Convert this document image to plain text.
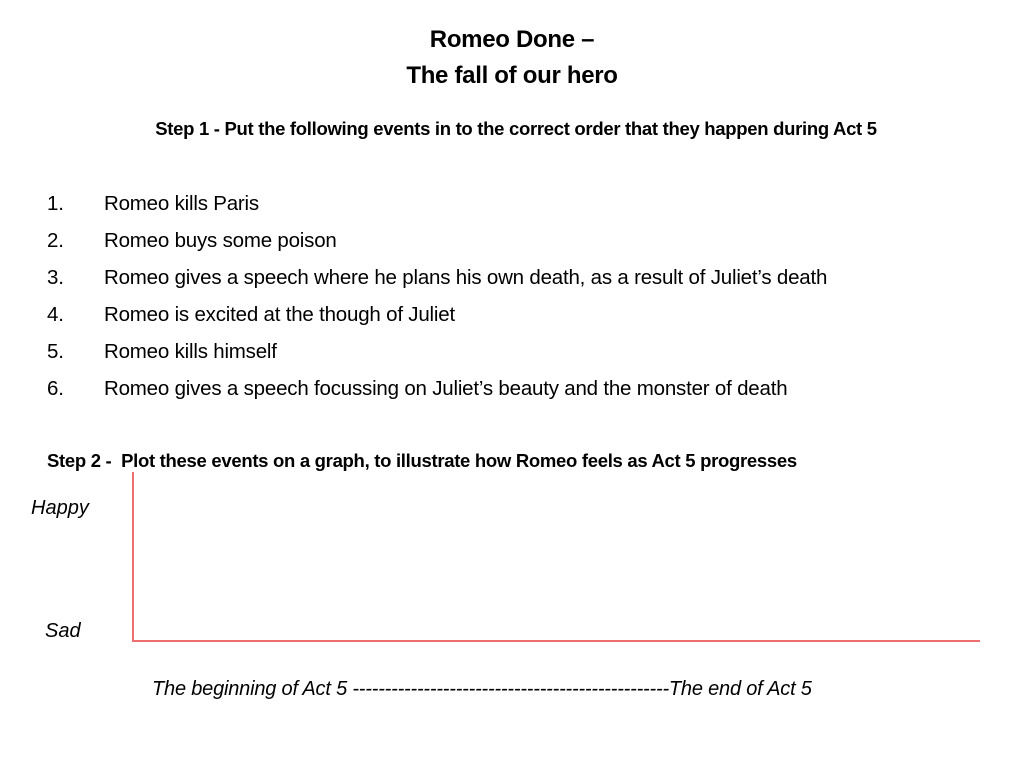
Romeo Done –
The fall of our hero
Step 1 - Put the following events in to the correct order that they happen during Act 5
1. Romeo kills Paris
2. Romeo buys some poison
3. Romeo gives a speech where he plans his own death, as a result of Juliet’s death
4. Romeo is excited at the though of Juliet
5. Romeo kills himself
6. Romeo gives a speech focussing on Juliet’s beauty and the monster of death
Step 2 -  Plot these events on a graph, to illustrate how Romeo feels as Act 5 progresses
Happy
Sad
The beginning of Act 5 -------------------------------------------------The end of Act 5
